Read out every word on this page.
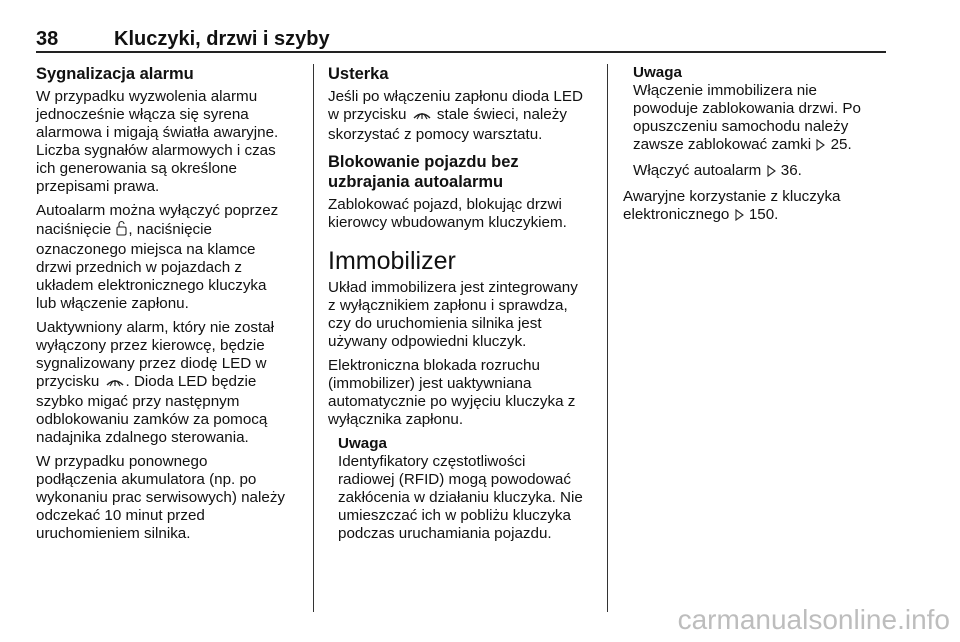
38	Kluczyki, drzwi i szyby
Sygnalizacja alarmu

W przypadku wyzwolenia alarmu
jednocześnie włącza się syrena
alarmowa i migają światła awaryjne.
Liczba sygnałów alarmowych i czas
ich generowania są określone
przepisami prawa.

Autoalarm można wyłączyć poprzez
naciśnięcie , naciśnięcie
oznaczonego miejsca na klamce
drzwi przednich w pojazdach z
układem elektronicznego kluczyka
lub włączenie zapłonu.

Uaktywniony alarm, który nie został
wyłączony przez kierowcę, będzie
sygnalizowany przez diodę LED w
przycisku . Dioda LED będzie
szybko migać przy następnym
odblokowaniu zamków za pomocą
nadajnika zdalnego sterowania.

W przypadku ponownego
podłączenia akumulatora (np. po
wykonaniu prac serwisowych) należy
odczekać 10 minut przed
uruchomieniem silnika.

Usterka

Jeśli po włączeniu zapłonu dioda LED
w przycisku  stale świeci, należy
skorzystać z pomocy warsztatu.

Blokowanie pojazdu bez
uzbrajania autoalarmu

Zablokować pojazd, blokując drzwi
kierowcy wbudowanym kluczykiem.

Immobilizer

Układ immobilizera jest zintegrowany
z wyłącznikiem zapłonu i sprawdza,
czy do uruchomienia silnika jest
używany odpowiedni kluczyk.

Elektroniczna blokada rozruchu
(immobilizer) jest uaktywniana
automatycznie po wyjęciu kluczyka z
wyłącznika zapłonu.

Uwaga

Identyfikatory częstotliwości
radiowej (RFID) mogą powodować
zakłócenia w działaniu kluczyka. Nie
umieszczać ich w pobliżu kluczyka
podczas uruchamiania pojazdu.

Uwaga

Włączenie immobilizera nie
powoduje zablokowania drzwi. Po
opuszczeniu samochodu należy
zawsze zablokować zamki  25.

Włączyć autoalarm  36.

Awaryjne korzystanie z kluczyka
elektronicznego  150.

carmanualsonline.info
